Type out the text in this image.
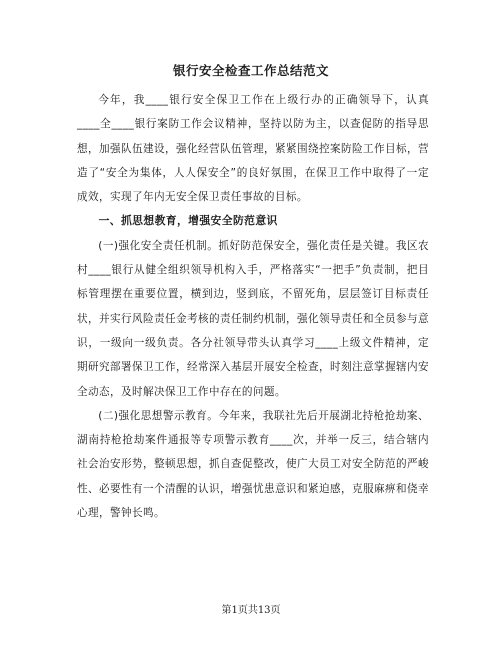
银行安全检查工作总结范文

今年，我____银行安全保卫工作在上级行办的正确领导下，认真____全____银行案防工作会议精神，坚持以防为主，以查促防的指导思想，加强队伍建设，强化经营队伍管理，紧紧围绕控案防险工作目标，营造了“安全为集体，人人保安全”的良好氛围，在保卫工作中取得了一定成效，实现了年内无安全保卫责任事故的目标。

一、抓思想教育，增强安全防范意识

(一)强化安全责任机制。抓好防范保安全，强化责任是关键。我区农村____银行从健全组织领导机构入手，严格落实“一把手”负责制，把目标管理摆在重要位置，横到边，竖到底，不留死角，层层签订目标责任状，并实行风险责任金考核的责任制约机制，强化领导责任和全员参与意识，一级向一级负责。各分社领导带头认真学习____上级文件精神，定期研究部署保卫工作，经常深入基层开展安全检查，时刻注意掌握辖内安全动态，及时解决保卫工作中存在的问题。

(二)强化思想警示教育。今年来，我联社先后开展湖北持枪抢劫案、湖南持枪抢劫案件通报等专项警示教育____次，并举一反三，结合辖内社会治安形势，整顿思想，抓自查促整改，使广大员工对安全防范的严峻性、必要性有一个清醒的认识，增强忧患意识和紧迫感，克服麻痹和侥幸心理，警钟长鸣。

第1页共13页
